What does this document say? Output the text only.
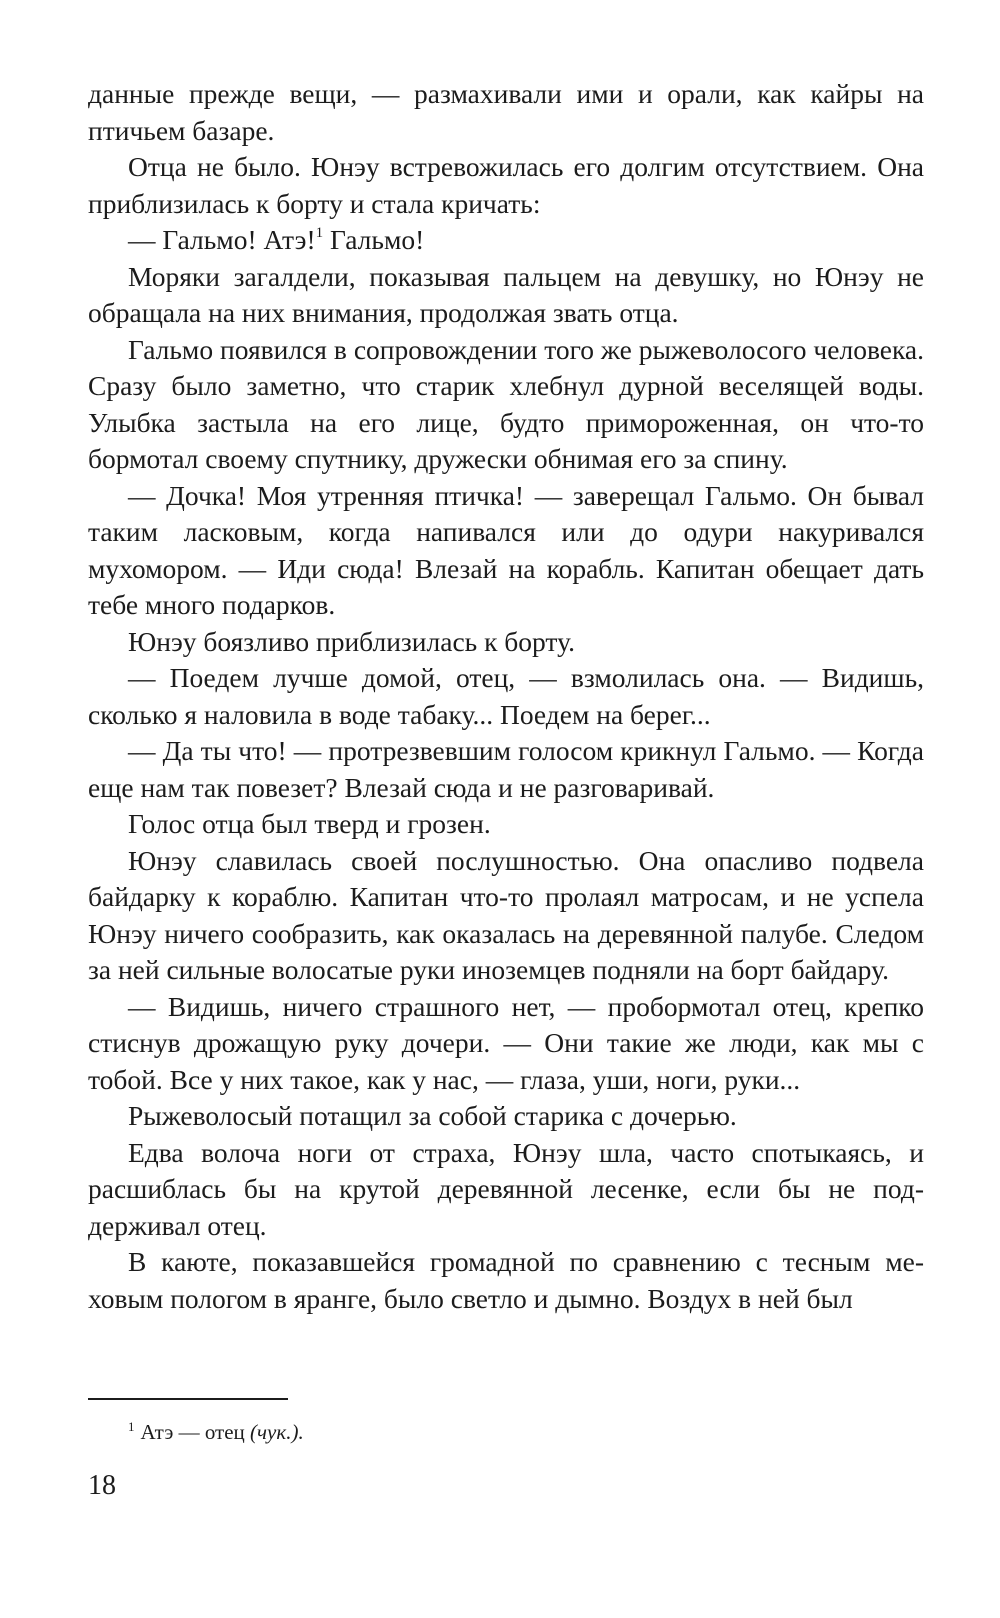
данные прежде вещи, — размахивали ими и орали, как кайры на птичьем базаре.

Отца не было. Юнэу встревожилась его долгим отсутствием. Она приблизилась к борту и стала кричать:

— Гальмо! Атэ!$^1$ Гальмо!

Моряки загалдели, показывая пальцем на девушку, но Юнэу не обращала на них внимания, продолжая звать отца.

Гальмо появился в сопровождении того же рыжеволосого человека. Сразу было заметно, что старик хлебнул дурной веселящей воды. Улыбка застыла на его лице, будто примороженная, он что-то бормотал своему спутнику, дружески обнимая его за спину.

— Дочка! Моя утренняя птичка! — заверещал Гальмо. Он бывал таким ласковым, когда напивался или до одури накуривался мухомором. — Иди сюда! Влезай на корабль. Капитан обещает дать тебе много подарков.

Юнэу боязливо приблизилась к борту.

— Поедем лучше домой, отец, — взмолилась она. — Видишь, сколько я наловила в воде табаку... Поедем на берег...

— Да ты что! — протрезвевшим голосом крикнул Гальмо. — Когда еще нам так повезет? Влезай сюда и не разговаривай.

Голос отца был тверд и грозен.

Юнэу славилась своей послушностью. Она опасливо подвела байдарку к кораблю. Капитан что-то пролаял матросам, и не успела Юнэу ничего сообразить, как оказалась на деревянной палубе. Следом за ней сильные волосатые руки иноземцев подняли на борт байдару.

— Видишь, ничего страшного нет, — пробормотал отец, крепко стиснув дрожащую руку дочери. — Они такие же люди, как мы с тобой. Все у них такое, как у нас, — глаза, уши, ноги, руки...

Рыжеволосый потащил за собой старика с дочерью.

Едва волоча ноги от страха, Юнэу шла, часто спотыкаясь, и расшиблась бы на крутой деревянной лесенке, если бы не поддерживал отец.

В каюте, показавшейся громадной по сравнению с тесным меховым пологом в яранге, было светло и дымно. Воздух в ней был

$^1$ Атэ — отец (чук.).
18
